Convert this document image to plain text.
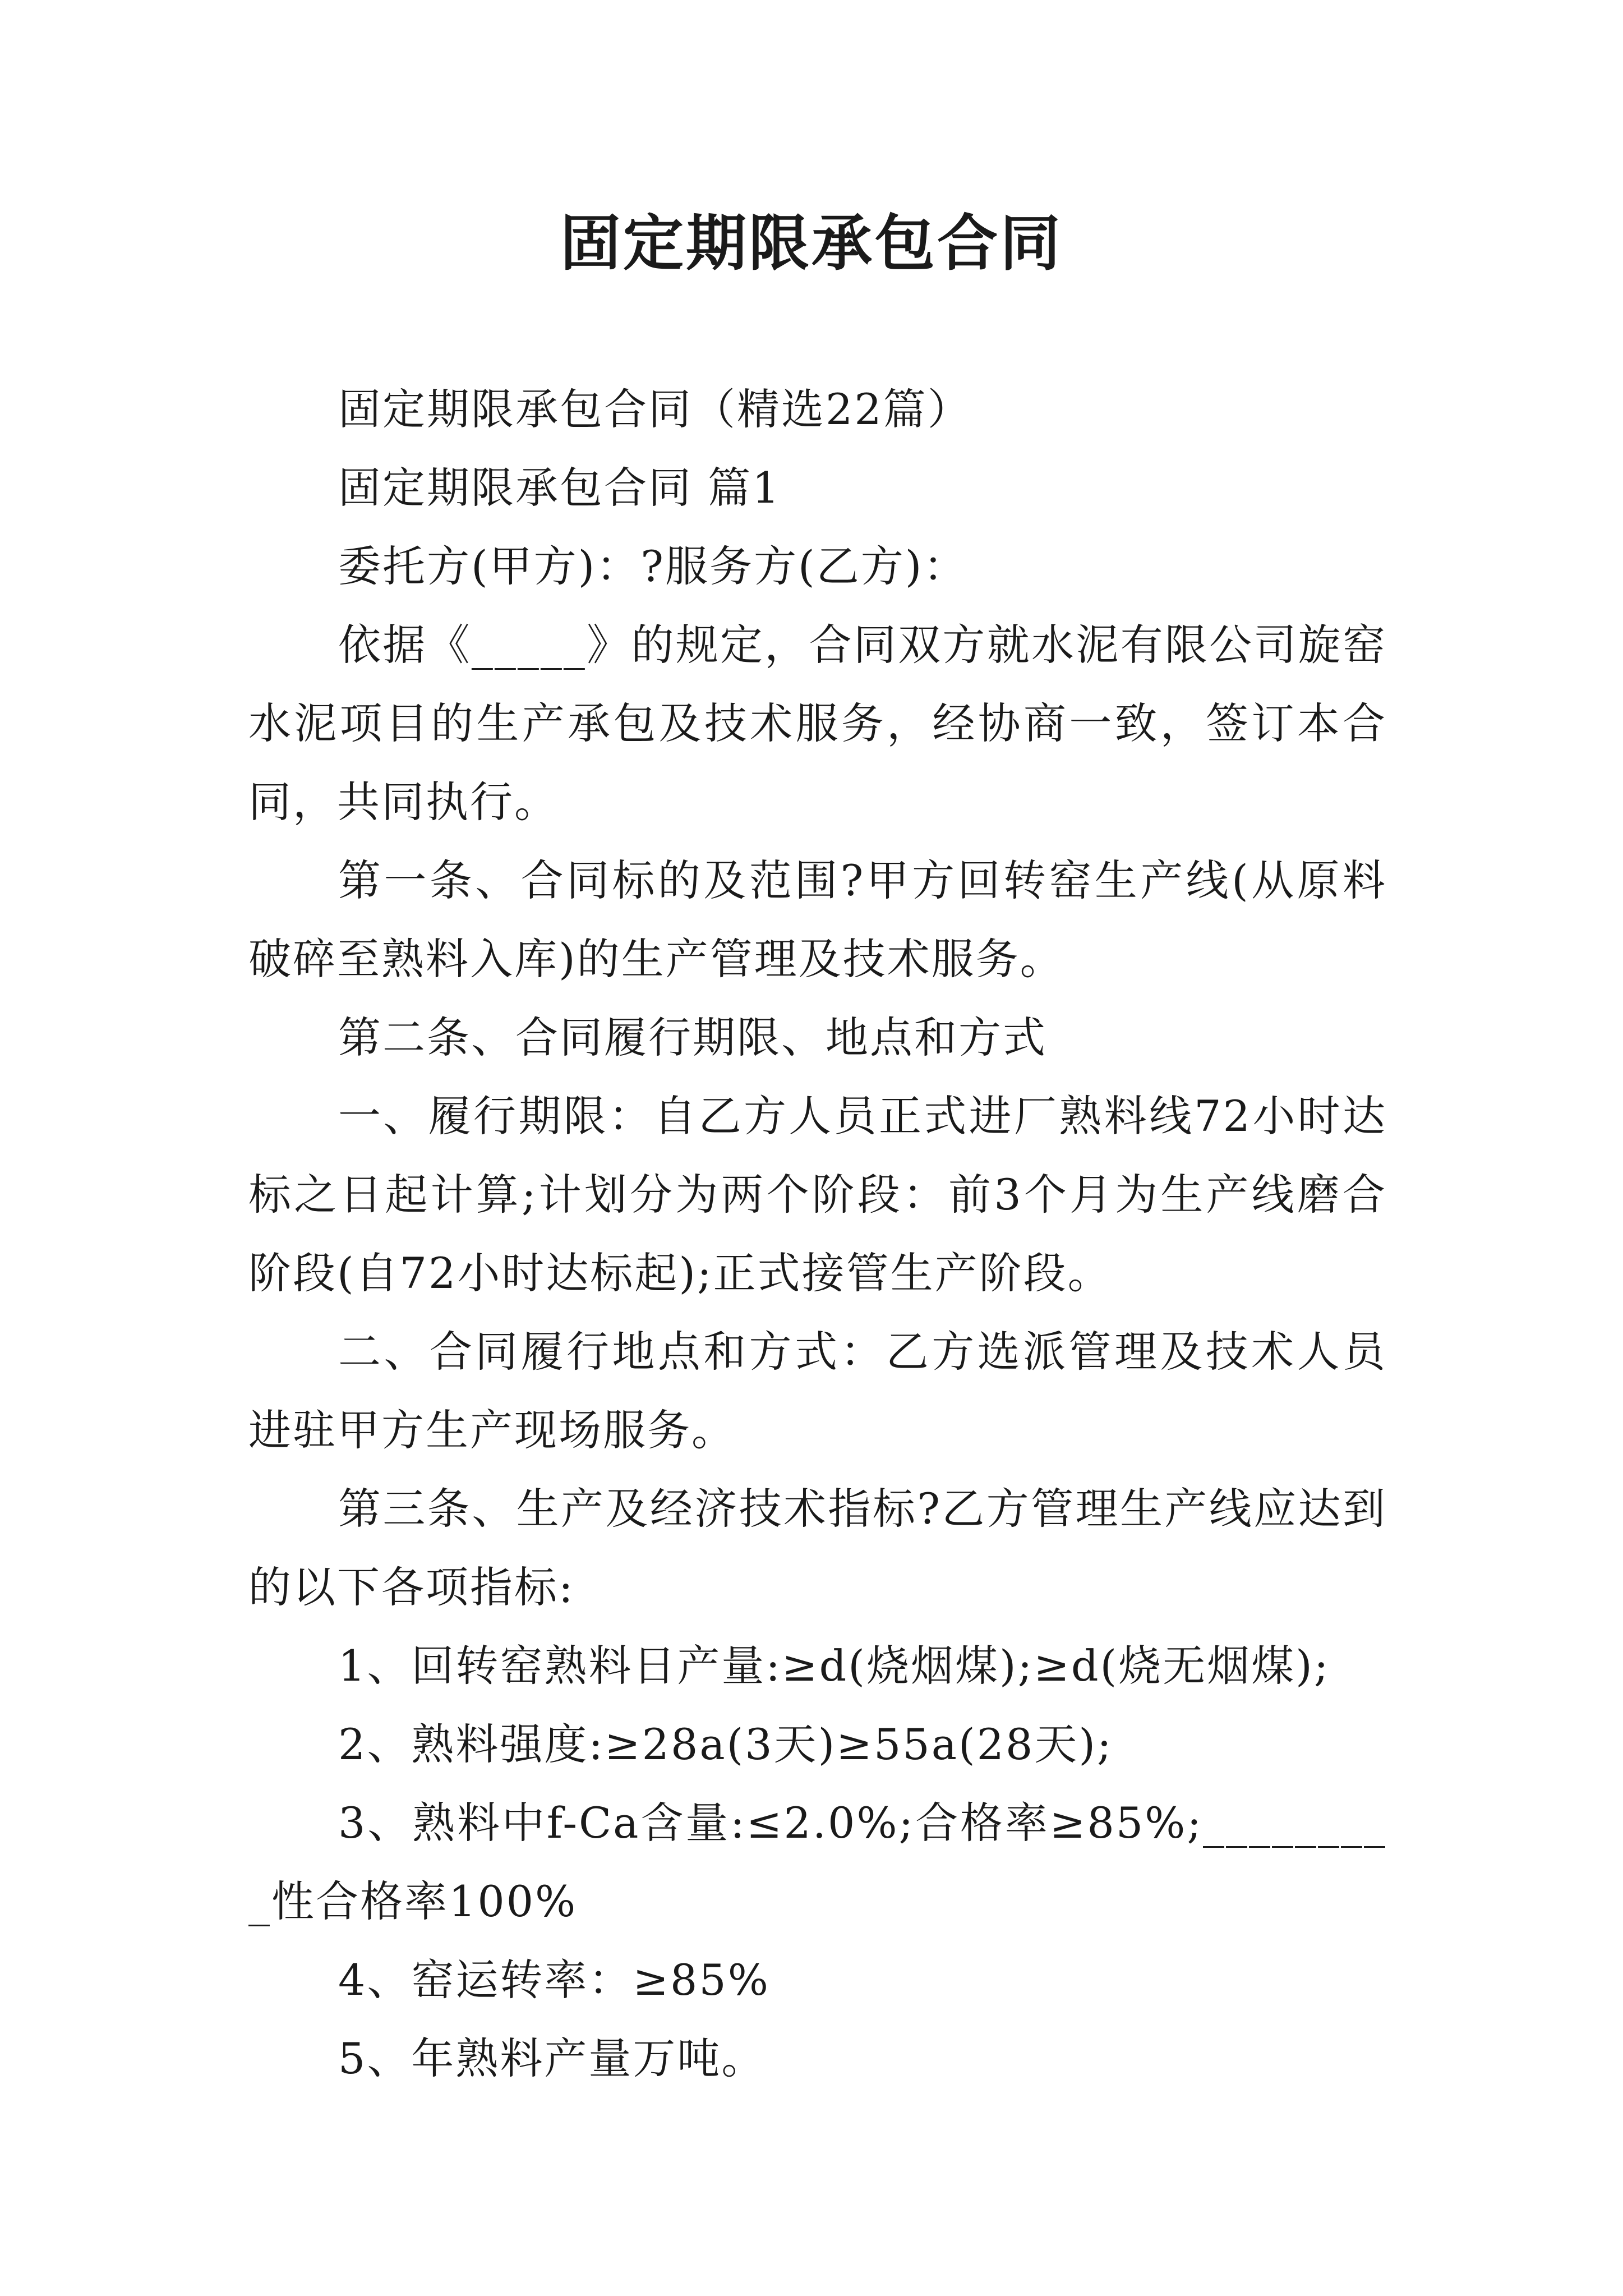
固定期限承包合同

固定期限承包合同（精选22篇）

固定期限承包合同 篇1

委托方(甲方)：?服务方(乙方)：

依据《_____》的规定，合同双方就水泥有限公司旋窑水泥项目的生产承包及技术服务，经协商一致，签订本合同，共同执行。

第一条、合同标的及范围?甲方回转窑生产线(从原料破碎至熟料入库)的生产管理及技术服务。

第二条、合同履行期限、地点和方式

一、履行期限：自乙方人员正式进厂熟料线72小时达标之日起计算;计划分为两个阶段：前3个月为生产线磨合阶段(自72小时达标起);正式接管生产阶段。

二、合同履行地点和方式：乙方选派管理及技术人员进驻甲方生产现场服务。

第三条、生产及经济技术指标?乙方管理生产线应达到的以下各项指标:

1、回转窑熟料日产量:≥d(烧烟煤);≥d(烧无烟煤);

2、熟料强度:≥28a(3天)≥55a(28天);

3、熟料中f-Ca含量:≤2.0%;合格率≥85%;_________性合格率100%

4、窑运转率：≥85%

5、年熟料产量万吨。
